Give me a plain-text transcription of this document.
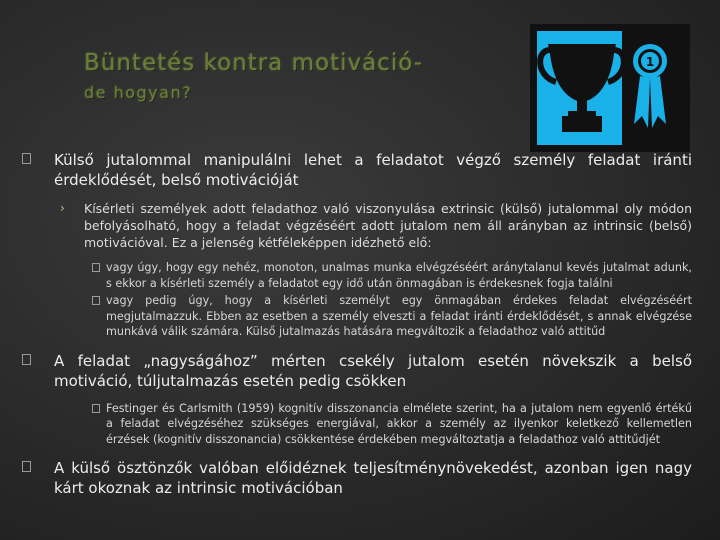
Büntetés kontra motiváció-
de hogyan?
1
Külső jutalommal manipulálni lehet a feladatot végző személy feladat iránti érdeklődését, belső motivációját
› Kísérleti személyek adott feladathoz való viszonyulása extrinsic (külső) jutalommal oly módon befolyásolható, hogy a feladat végzéséért adott jutalom nem áll arányban az intrinsic (belső) motivációval. Ez a jelenség kétféleképpen idézhető elő:
vagy úgy, hogy egy nehéz, monoton, unalmas munka elvégzéséért aránytalanul kevés jutalmat adunk, s ekkor a kísérleti személy a feladatot egy idő után önmagában is érdekesnek fogja találni
vagy pedig úgy, hogy a kísérleti személyt egy önmagában érdekes feladat elvégzéséért megjutalmazzuk. Ebben az esetben a személy elveszti a feladat iránti érdeklődését, s annak elvégzése munkává válik számára. Külső jutalmazás hatására megváltozik a feladathoz való attitűd
A feladat „nagyságához” mérten csekély jutalom esetén növekszik a belső motiváció, túljutalmazás esetén pedig csökken
Festinger és Carlsmith (1959) kognitív disszonancia elmélete szerint, ha a jutalom nem egyenlő értékű a feladat elvégzéséhez szükséges energiával, akkor a személy az ilyenkor keletkező kellemetlen érzések (kognitív disszonancia) csökkentése érdekében megváltoztatja a feladathoz való attitűdjét
A külső ösztönzők valóban előidéznek teljesítménynövekedést, azonban igen nagy kárt okoznak az intrinsic motivációban
